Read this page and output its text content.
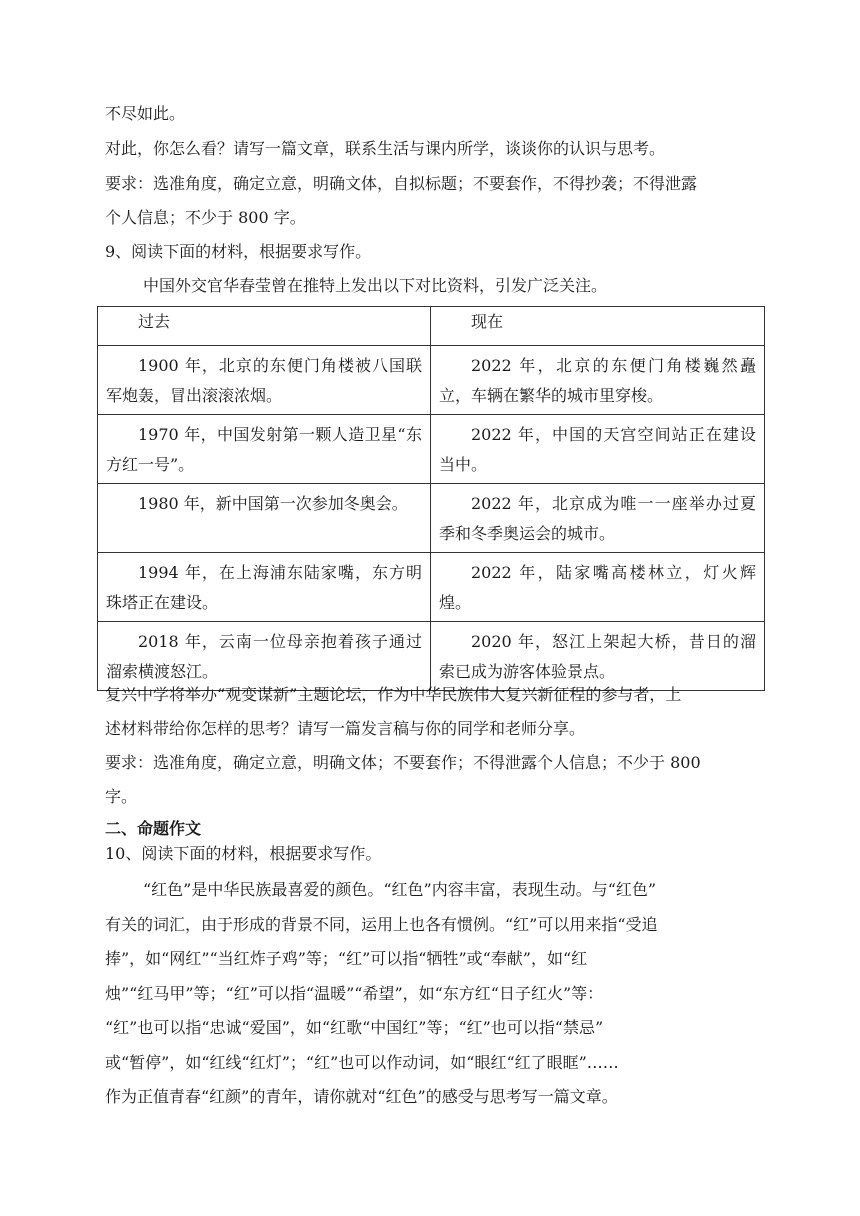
不尽如此。
对此，你怎么看？请写一篇文章，联系生活与课内所学，谈谈你的认识与思考。
要求：选准角度，确定立意，明确文体，自拟标题；不要套作，不得抄袭；不得泄露
个人信息；不少于 800 字。
9、阅读下面的材料，根据要求写作。
中国外交官华春莹曾在推特上发出以下对比资料，引发广泛关注。
过去	现在

1900 年，北京的东便门角楼被八国联军炮轰，冒出滚滚浓烟。	2022 年，北京的东便门角楼巍然矗立，车辆在繁华的城市里穿梭。

1970 年，中国发射第一颗人造卫星“东方红一号”。	2022 年，中国的天宫空间站正在建设当中。

1980 年，新中国第一次参加冬奥会。	2022 年，北京成为唯一一座举办过夏季和冬季奥运会的城市。

1994 年，在上海浦东陆家嘴，东方明珠塔正在建设。	2022 年，陆家嘴高楼林立，灯火辉煌。

2018 年，云南一位母亲抱着孩子通过溜索横渡怒江。	2020 年，怒江上架起大桥，昔日的溜索已成为游客体验景点。
复兴中学将举办“观变谋新”主题论坛，作为中华民族伟大复兴新征程的参与者，上
述材料带给你怎样的思考？请写一篇发言稿与你的同学和老师分享。
要求：选准角度，确定立意，明确文体；不要套作；不得泄露个人信息；不少于 800
字。
二、命题作文
10、阅读下面的材料，根据要求写作。
“红色”是中华民族最喜爱的颜色。“红色”内容丰富，表现生动。与“红色”
有关的词汇，由于形成的背景不同，运用上也各有惯例。“红”可以用来指“受追
捧”，如“网红”“当红炸子鸡”等；“红”可以指“牺牲”或“奉献”，如“红
烛”“红马甲”等；“红”可以指“温暖”“希望”，如“东方红“日子红火”等：
“红”也可以指“忠诚“爱国”，如“红歌“中国红”等；“红”也可以指“禁忌”
或“暂停”，如“红线“红灯”；“红”也可以作动词，如“眼红“红了眼眶”……
作为正值青春“红颜”的青年，请你就对“红色”的感受与思考写一篇文章。
